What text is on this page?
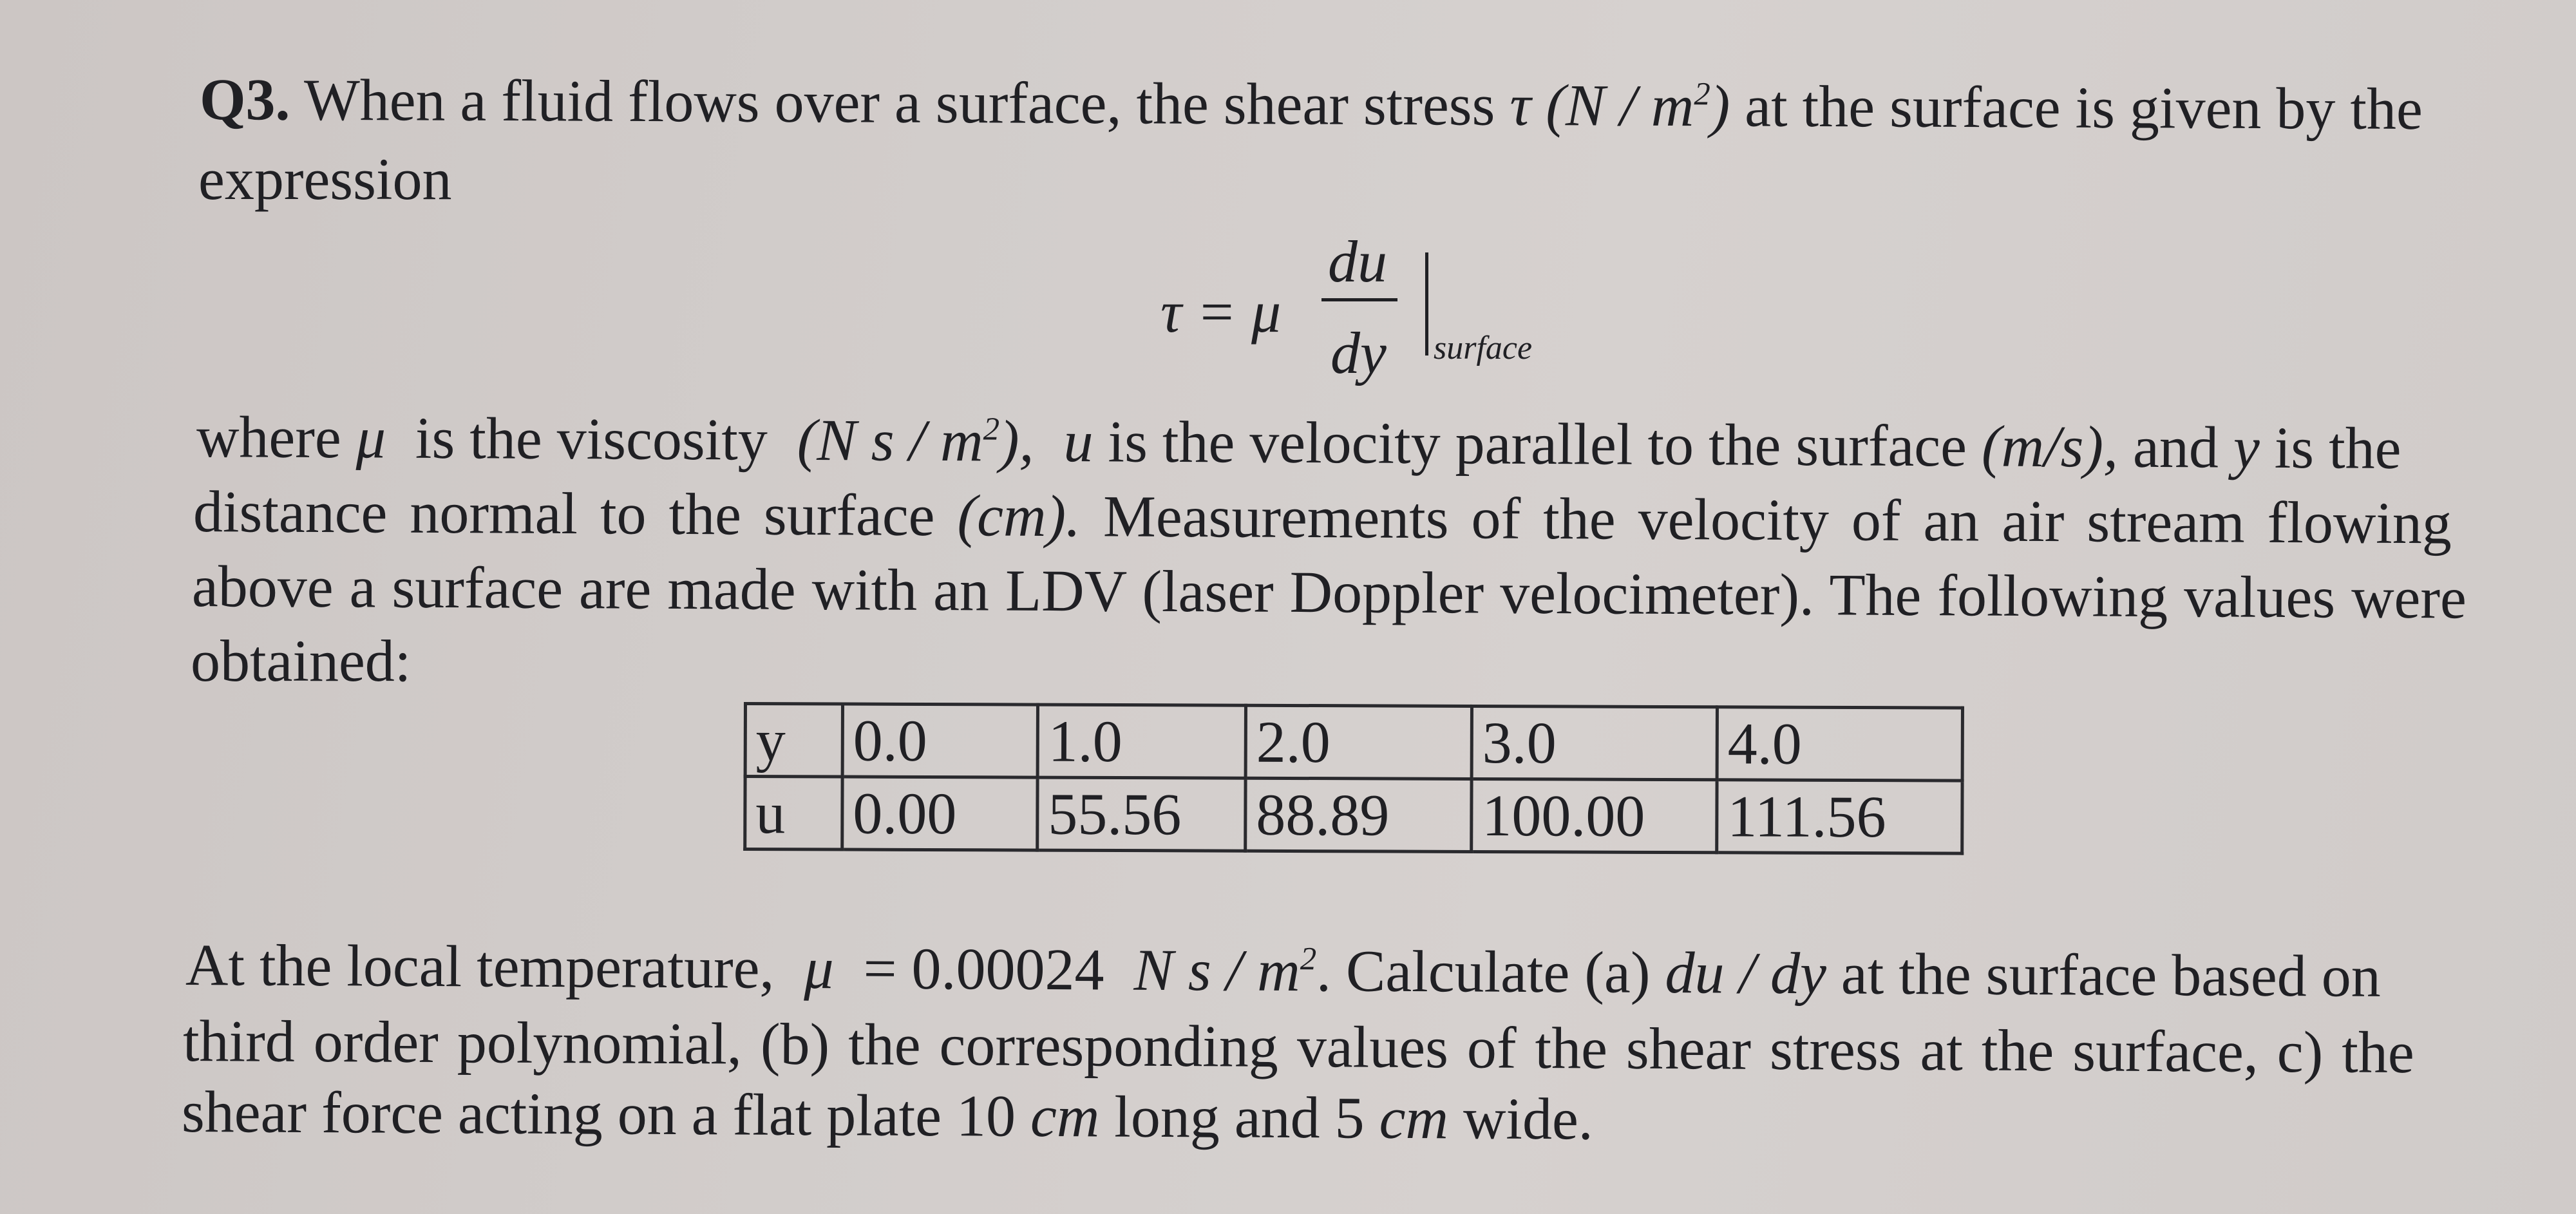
Q3. When a fluid flows over a surface, the shear stress τ $(N / m^2)$ at the surface is given by the
expression
τ = μ
du
dy surface
where μ is the viscosity (N s / $m^2$), u is the velocity parallel to the surface (m/s), and y is the
distance normal to the surface (cm). Measurements of the velocity of an air stream flowing
above a surface are made with an LDV (laser Doppler velocimeter). The following values were
obtained:
y	0.0	1.0	2.0	3.0	4.0
u	0.00	55.56	88.89	100.00	111.56
At the local temperature, μ = 0.00024 N s / $m^2$. Calculate (a) du / dy at the surface based on
third order polynomial, (b) the corresponding values of the shear stress at the surface, c) the
shear force acting on a flat plate 10 cm long and 5 cm wide.
